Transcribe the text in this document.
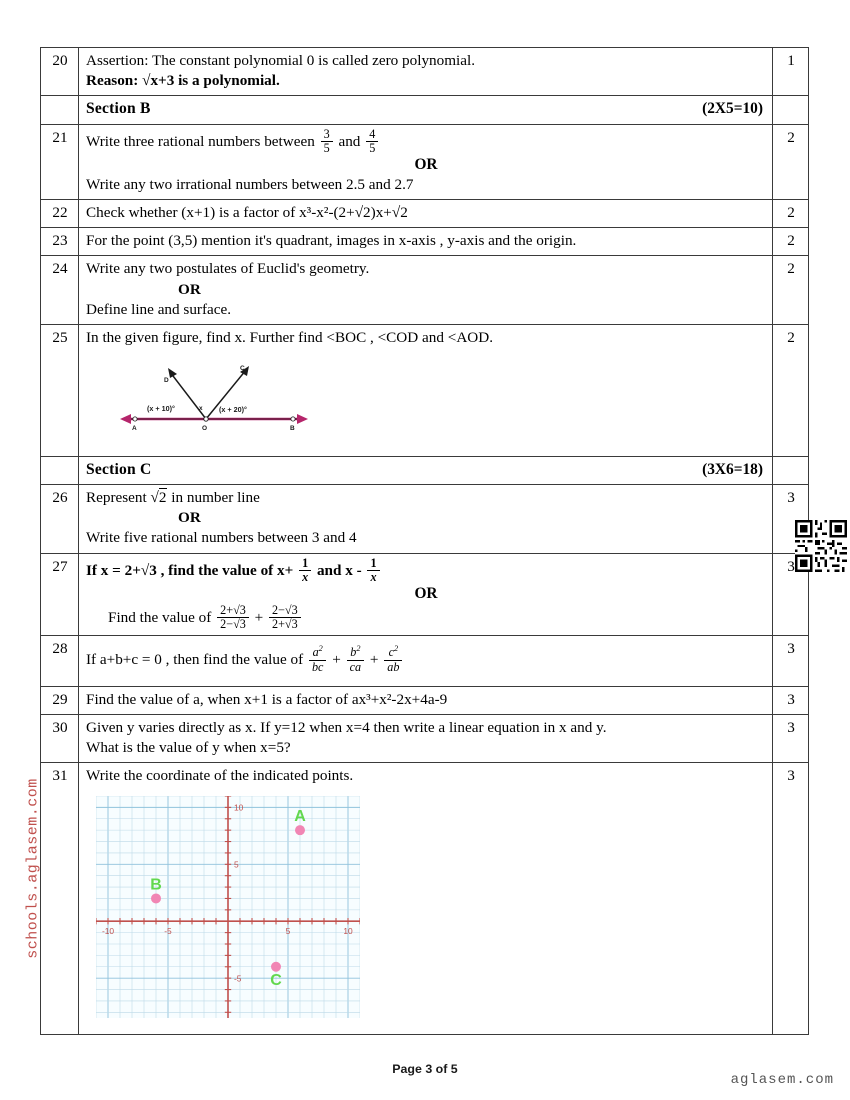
schools.aglasem.com
20	Assertion: The constant polynomial 0 is called zero polynomial.
Reason: √x+3 is a polynomial.	1
	Section B (2X5=10)	

21	Write three rational numbers between $\frac{3}{5}$ and $\frac{4}{5}$
OR
Write any two irrational numbers between 2.5 and 2.7
	2
22	Check whether (x+1) is a factor of x³-x²-(2+√2)x+√2	2
23	For the point (3,5) mention it's quadrant, images in x-axis , y-axis and the origin.	2
24	Write any two postulates of Euclid's geometry.
OR
Define line and surface.	2
25	In the given figure, find x. Further find <BOC , <COD and <AOD.
A	B
C
D
O
(x + 10)°	x (x + 20)°
	2
	Section C (3X6=18)	

26	Represent √2 in number line
OR
Write five rational numbers between 3 and 4	3
27	If x = 2+√3 , find the value of $x+ \frac{1}{x}$ and x - $\frac{1}{x}$
OR
Find the value of $\frac{2+√3}{2-√3} + \frac{2-√3}{2+√3}$
	3
28	
If a+b+c = 0 , then find the value of $\frac{a^2}{bc} + \frac{b^2}{ca} + \frac{c^2}{ab}$	3
29	Find the value of a, when x+1 is a factor of ax³+x²-2x+4a-9	3
30	Given y varies directly as x. If y=12 when x=4 then write a linear equation in x and y.
What is the value of y when x=5?	3
31	Write the coordinate of the indicated points.
-10	-5	5	10
10
5
-5
A
B
C
	3
Page 3 of 5
aglasem.com
